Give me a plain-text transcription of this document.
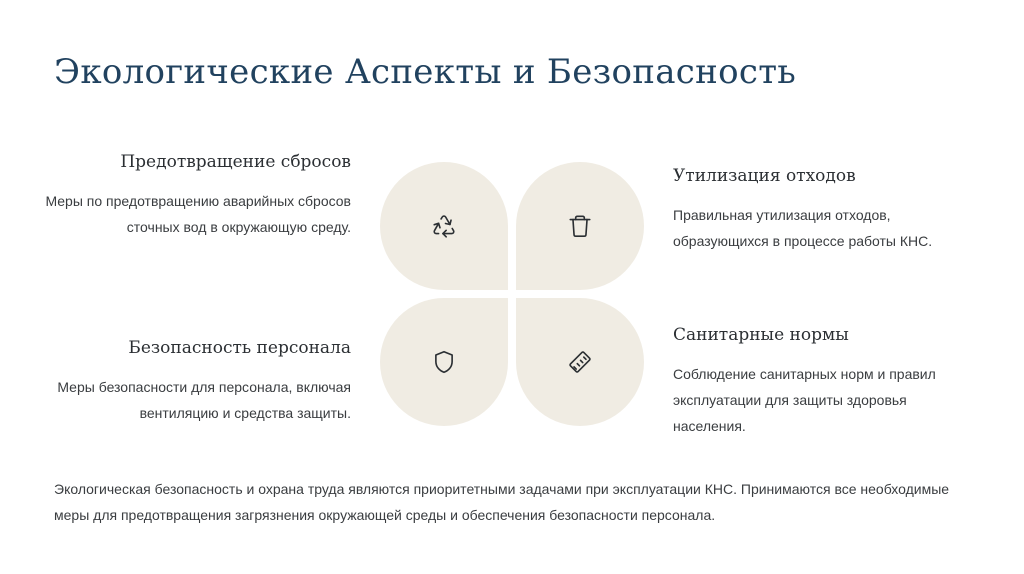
Экологические Аспекты и Безопасность
Предотвращение сбросов

Меры по предотвращению аварийных сбросов сточных вод в окружающую среду.

Безопасность персонала

Меры безопасности для персонала, включая вентиляцию и средства защиты.

Утилизация отходов

Правильная утилизация отходов, образующихся в процессе работы КНС.

Санитарные нормы

Соблюдение санитарных норм и правил эксплуатации для защиты здоровья населения.

Экологическая безопасность и охрана труда являются приоритетными задачами при эксплуатации КНС. Принимаются все необходимые меры для предотвращения загрязнения окружающей среды и обеспечения безопасности персонала.
